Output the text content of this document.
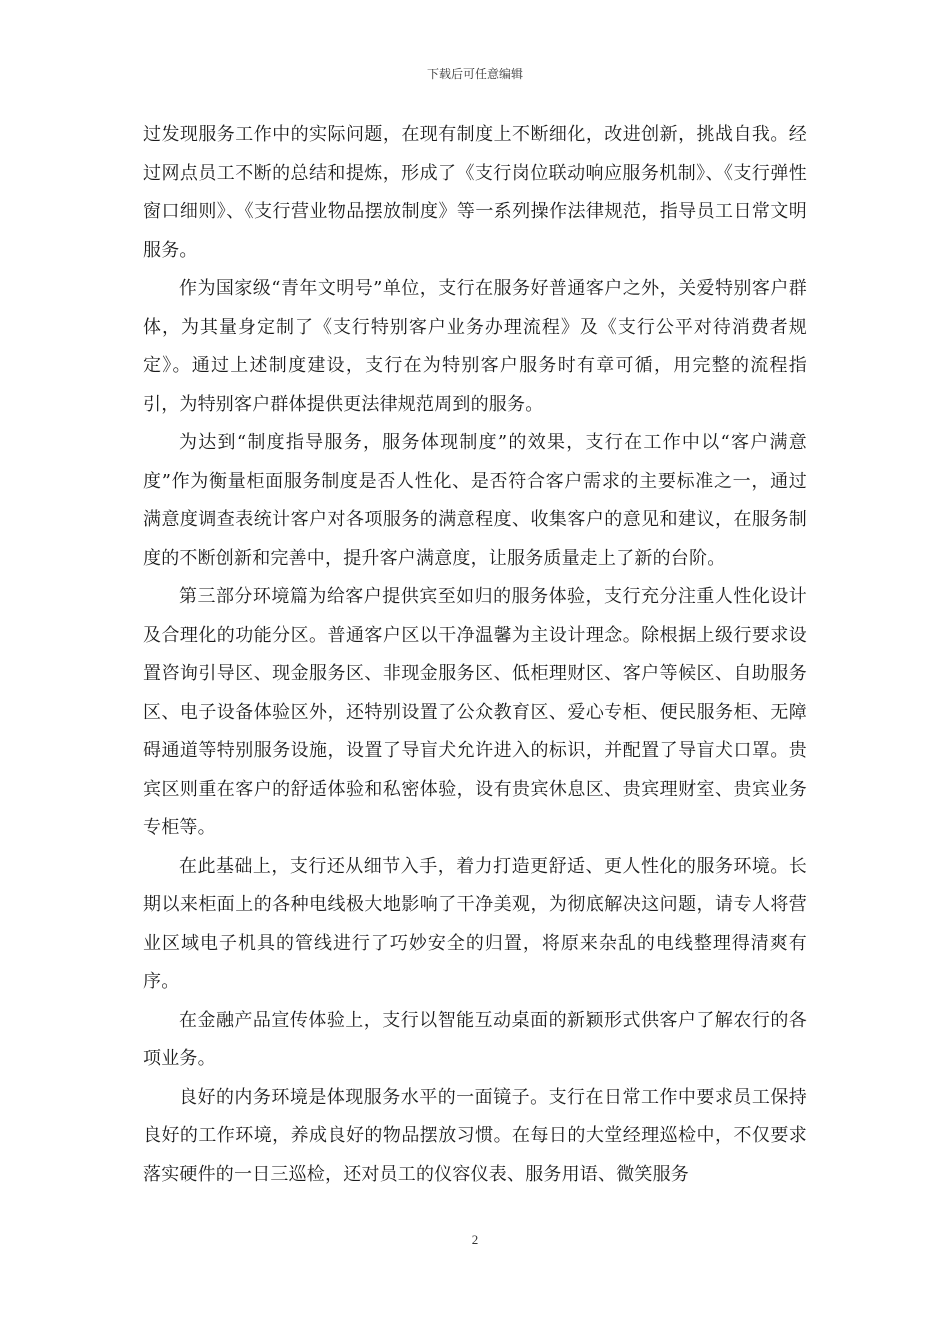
下载后可任意编辑

过发现服务工作中的实际问题，在现有制度上不断细化，改进创新，挑战自我。经过网点员工不断的总结和提炼，形成了《支行岗位联动响应服务机制》、《支行弹性窗口细则》、《支行营业物品摆放制度》等一系列操作法律规范，指导员工日常文明服务。

作为国家级“青年文明号”单位，支行在服务好普通客户之外，关爱特别客户群体，为其量身定制了《支行特别客户业务办理流程》及《支行公平对待消费者规定》。通过上述制度建设，支行在为特别客户服务时有章可循，用完整的流程指引，为特别客户群体提供更法律规范周到的服务。

为达到“制度指导服务，服务体现制度”的效果，支行在工作中以“客户满意度”作为衡量柜面服务制度是否人性化、是否符合客户需求的主要标准之一，通过满意度调查表统计客户对各项服务的满意程度、收集客户的意见和建议，在服务制度的不断创新和完善中，提升客户满意度，让服务质量走上了新的台阶。

第三部分环境篇为给客户提供宾至如归的服务体验，支行充分注重人性化设计及合理化的功能分区。普通客户区以干净温馨为主设计理念。除根据上级行要求设置咨询引导区、现金服务区、非现金服务区、低柜理财区、客户等候区、自助服务区、电子设备体验区外，还特别设置了公众教育区、爱心专柜、便民服务柜、无障碍通道等特别服务设施，设置了导盲犬允许进入的标识，并配置了导盲犬口罩。贵宾区则重在客户的舒适体验和私密体验，设有贵宾休息区、贵宾理财室、贵宾业务专柜等。

在此基础上，支行还从细节入手，着力打造更舒适、更人性化的服务环境。长期以来柜面上的各种电线极大地影响了干净美观，为彻底解决这问题，请专人将营业区域电子机具的管线进行了巧妙安全的归置，将原来杂乱的电线整理得清爽有序。

在金融产品宣传体验上，支行以智能互动桌面的新颖形式供客户了解农行的各项业务。

良好的内务环境是体现服务水平的一面镜子。支行在日常工作中要求员工保持良好的工作环境，养成良好的物品摆放习惯。在每日的大堂经理巡检中，不仅要求落实硬件的一日三巡检，还对员工的仪容仪表、服务用语、微笑服务

2
